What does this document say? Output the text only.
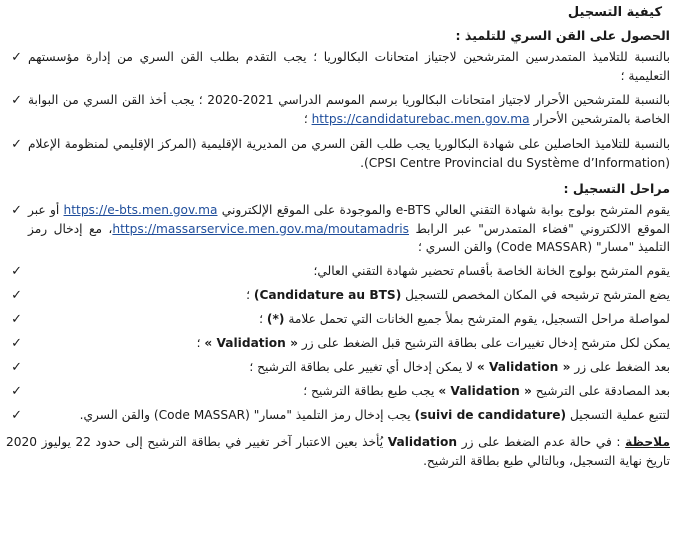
كيفية التسجيل
الحصول على القن السري للتلميذ :
✓ بالنسبة للتلاميذ المتمدرسين المترشحين لاجتياز امتحانات البكالوريا ؛ يجب التقدم بطلب القن السري من إدارة مؤسستهم التعليمية ؛
✓ بالنسبة للمترشحين الأحرار لاجتياز امتحانات البكالوريا برسم الموسم الدراسي 2021-2020 ؛ يجب أخذ القن السري من البوابة الخاصة بالمترشحين الأحرار https://candidaturebac.men.gov.ma ؛
✓ بالنسبة للتلاميذ الحاصلين على شهادة البكالوريا يجب طلب القن السري من المديرية الإقليمية (المركز الإقليمي لمنظومة الإعلام (CPSI Centre Provincial du Système d’Information).
مراحل التسجيل :
✓	يقوم المترشح بولوج بوابة شهادة التقني العالي e-BTS والموجودة على الموقع الإلكتروني https://e-bts.men.gov.ma أو عبر الموقع الالكتروني "فضاء المتمدرس" عبر الرابط https://massarservice.men.gov.ma/moutamadris، مع إدخال رمز التلميذ "مسار" (Code MASSAR) والقن السري ؛
✓	يقوم المترشح بولوج الخانة الخاصة بأقسام تحضير شهادة التقني العالي؛
✓	يضع المترشح ترشيحه في المكان المخصص للتسجيل (Candidature au BTS) ؛
✓	لمواصلة مراحل التسجيل، يقوم المترشح بملأ جميع الخانات التي تحمل علامة (*) ؛
✓	يمكن لكل مترشح إدخال تغييرات على بطاقة الترشيح قبل الضغط على زر « Validation » ؛
✓	بعد الضغط على زر « Validation » لا يمكن إدخال أي تغيير على بطاقة الترشيح ؛
✓	بعد المصادقة على الترشيح « Validation » يجب طبع بطاقة الترشيح ؛
✓	لتتبع عملية التسجيل (suivi de candidature) يجب إدخال رمز التلميذ "مسار" (Code MASSAR) والقن السري.
ملاحظة : في حالة عدم الضغط على زر Validation يُأخذ بعين الاعتبار آخر تغيير في بطاقة الترشيح إلى حدود 22 يوليوز 2020 تاريخ نهاية التسجيل، وبالتالي طبع بطاقة الترشيح.
